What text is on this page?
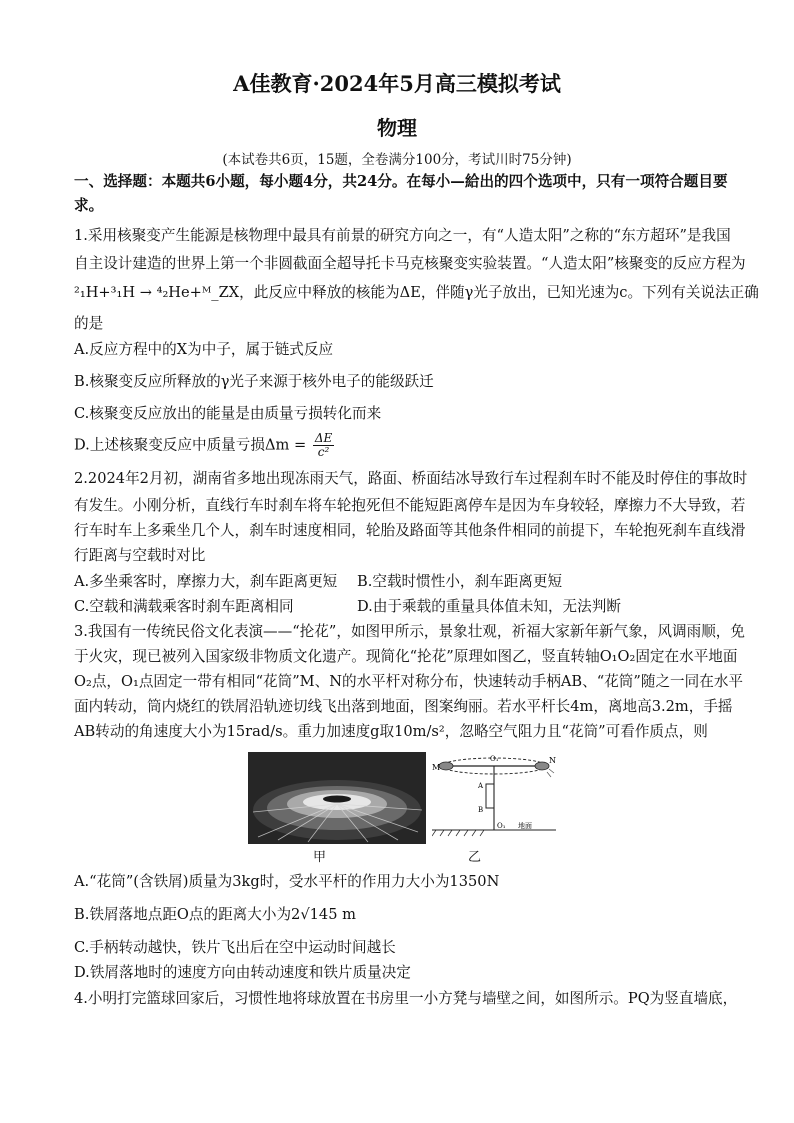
A佳教育·2024年5月高三模拟考试
物理
(本试卷共6页，15题，全卷满分100分，考试川时75分钟)
一、选择题：本题共6小题，每小题4分，共24分。在每小—給出的四个选项中，只有一项符合题目要
求。
1.采用核聚变产生能源是核物理中最具有前景的研究方向之一，有“人造太阳”之称的“东方超环”是我国
自主设计建造的世界上第一个非圆截面全超导托卡马克核聚变实验装置。“人造太阳”核聚变的反应方程为
²₁H+³₁H → ⁴₂He+ᴹ_ZX，此反应中释放的核能为ΔE，伴随γ光子放出，已知光速为c。下列有关说法正确
的是
A.反应方程中的X为中子，属于链式反应
B.核聚变反应所释放的γ光子来源于核外电子的能级跃迁
C.核聚变反应放出的能量是由质量亏损转化而来
D.上述核聚变反应中质量亏损$\Delta m = \frac{\Delta E}{\text{c²}}$
2.2024年2月初，湖南省多地出现冻雨天气，路面、桥面结冰导致行车过程刹车时不能及时停住的事故时
有发生。小刚分析，直线行车时刹车将车轮抱死但不能短距离停车是因为车身较轻，摩擦力不大导致，若
行车时车上多乘坐几个人，刹车时速度相同，轮胎及路面等其他条件相同的前提下，车轮抱死刹车直线滑
行距离与空载时对比
A.多坐乘客时，摩擦力大，刹车距离更短 B.空载时惯性小，刹车距离更短
C.空载和满载乘客时刹车距离相同	D.由于乘载的重量具体值未知，无法判断
3.我国有一传统民俗文化表演——“抡花”，如图甲所示，景象壮观，祈福大家新年新气象，风调雨顺，免
于火灾，现已被列入国家级非物质文化遗产。现简化“抡花”原理如图乙，竖直转轴O₁O₂固定在水平地面
O₂点，O₁点固定一带有相同“花筒”M、N的水平杆对称分布，快速转动手柄AB、“花筒”随之一同在水平
面内转动，筒内烧红的铁屑沿轨迹切线飞出落到地面，图案绚丽。若水平杆长4m，离地高3.2m，手摇
AB转动的角速度大小为15rad/s。重力加速度g取10m/s²，忽略空气阻力且“花筒”可看作质点，则
甲
M
N
O₁
A
B
O₁ 地面
乙
A.“花筒”(含铁屑)质量为3kg时，受水平杆的作用力大小为1350N
B.铁屑落地点距O点的距离大小为2√145 m
C.手柄转动越快，铁片飞出后在空中运动时间越长
D.铁屑落地时的速度方向由转动速度和铁片质量决定
4.小明打完篮球回家后，习惯性地将球放置在书房里一小方凳与墙壁之间，如图所示。PQ为竖直墙底，
